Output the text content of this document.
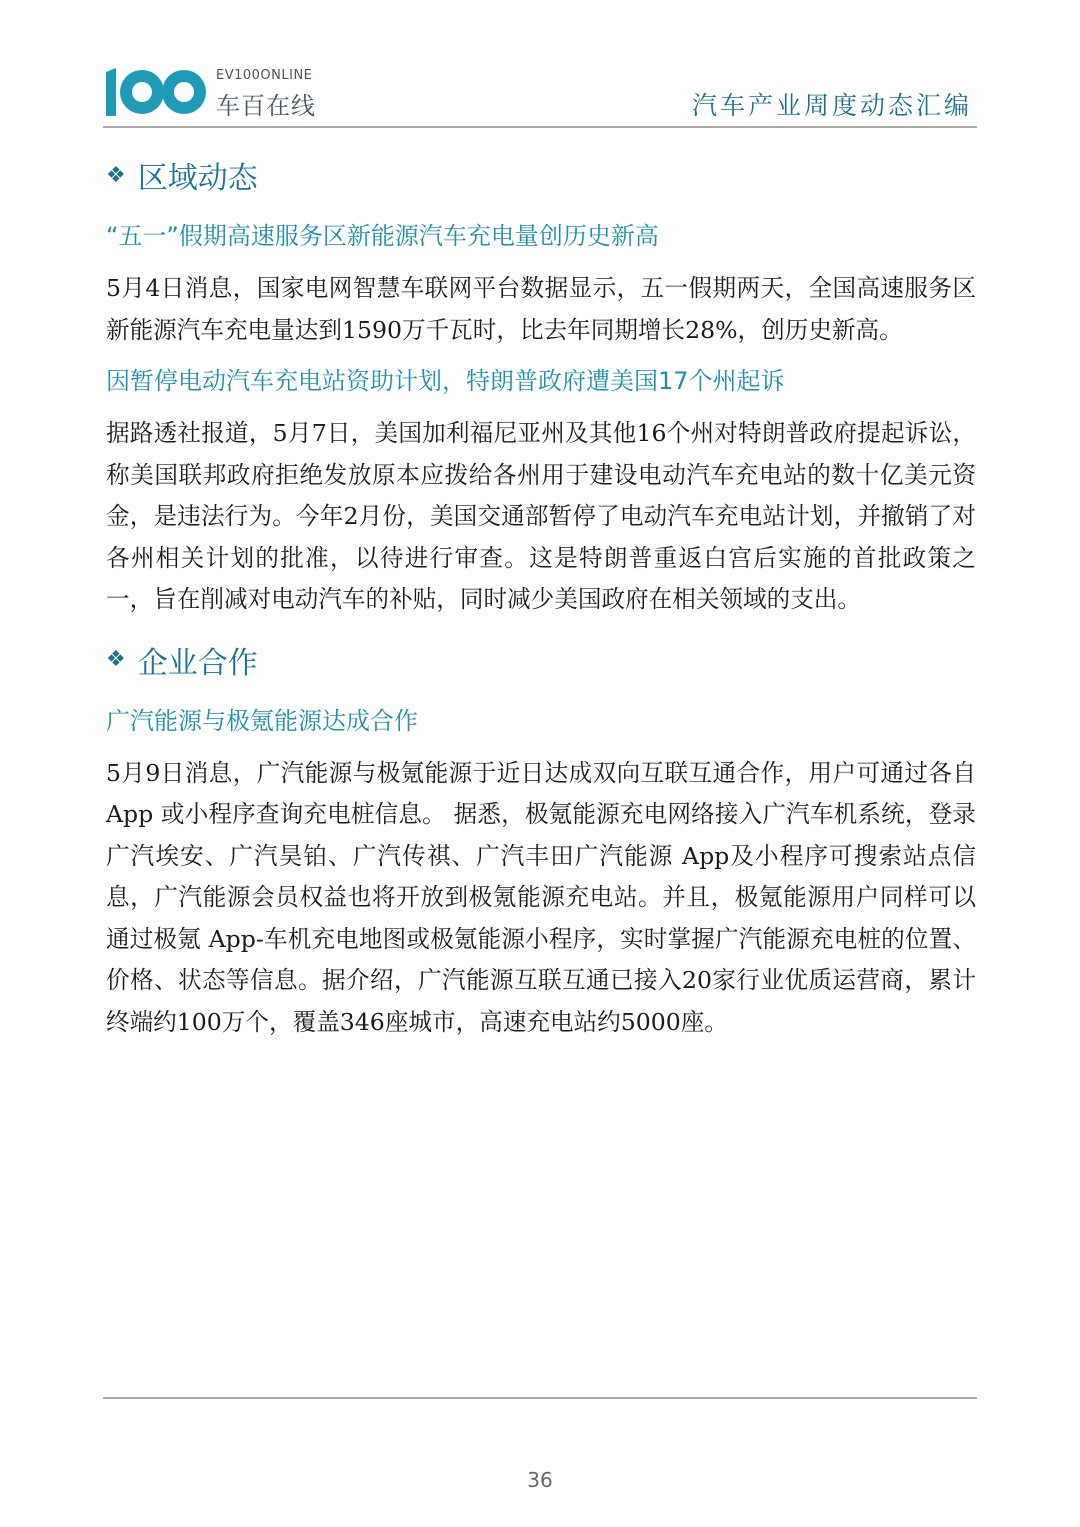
EV100ONLINE
车百在线	汽车产业周度动态汇编
❖ 区域动态
“五一”假期高速服务区新能源汽车充电量创历史新高
5月4日消息，国家电网智慧车联网平台数据显示，五一假期两天，全国高速服务区新能源汽车充电量达到1590万千瓦时，比去年同期增长28%，创历史新高。
因暂停电动汽车充电站资助计划，特朗普政府遭美国17个州起诉
据路透社报道，5月7日，美国加利福尼亚州及其他16个州对特朗普政府提起诉讼，称美国联邦政府拒绝发放原本应拨给各州用于建设电动汽车充电站的数十亿美元资金，是违法行为。今年2月份，美国交通部暂停了电动汽车充电站计划，并撤销了对各州相关计划的批准，以待进行审查。这是特朗普重返白宫后实施的首批政策之一，旨在削减对电动汽车的补贴，同时减少美国政府在相关领域的支出。
❖ 企业合作
广汽能源与极氪能源达成合作
5月9日消息，广汽能源与极氪能源于近日达成双向互联互通合作，用户可通过各自 App 或小程序查询充电桩信息。 据悉，极氪能源充电网络接入广汽车机系统，登录广汽埃安、广汽昊铂、广汽传祺、广汽丰田广汽能源 App及小程序可搜索站点信息，广汽能源会员权益也将开放到极氪能源充电站。并且，极氪能源用户同样可以通过极氪 App-车机充电地图或极氪能源小程序，实时掌握广汽能源充电桩的位置、价格、状态等信息。据介绍，广汽能源互联互通已接入20家行业优质运营商，累计终端约100万个，覆盖346座城市，高速充电站约5000座。
36
